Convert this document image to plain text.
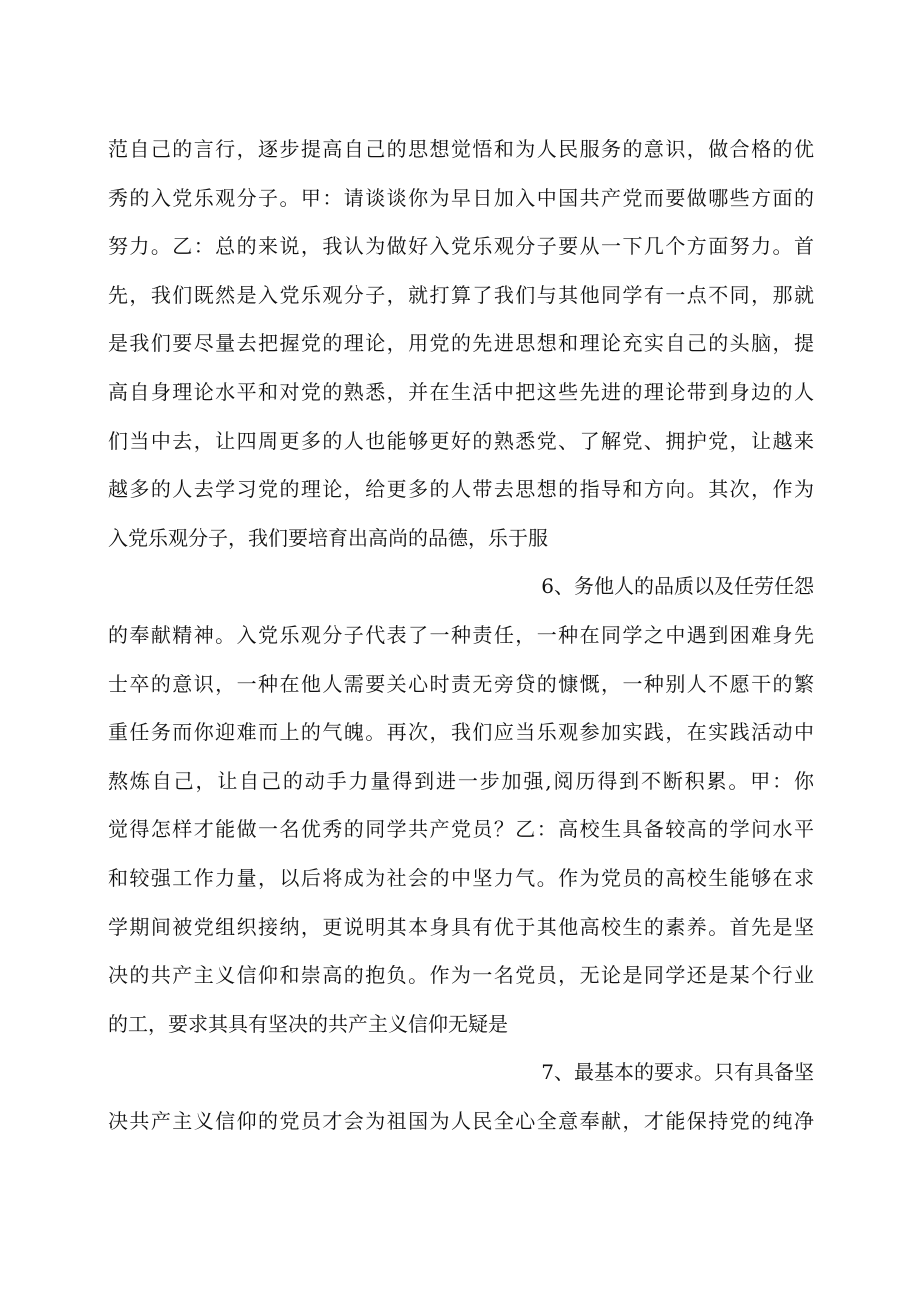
范自己的言行，逐步提高自己的思想觉悟和为人民服务的意识，做合格的优
秀的入党乐观分子。甲：请谈谈你为早日加入中国共产党而要做哪些方面的
努力。乙：总的来说，我认为做好入党乐观分子要从一下几个方面努力。首
先，我们既然是入党乐观分子，就打算了我们与其他同学有一点不同，那就
是我们要尽量去把握党的理论，用党的先进思想和理论充实自己的头脑，提
高自身理论水平和对党的熟悉，并在生活中把这些先进的理论带到身边的人
们当中去，让四周更多的人也能够更好的熟悉党、了解党、拥护党，让越来
越多的人去学习党的理论，给更多的人带去思想的指导和方向。其次，作为
入党乐观分子，我们要培育出高尚的品德，乐于服
6、务他人的品质以及任劳任怨
的奉献精神。入党乐观分子代表了一种责任，一种在同学之中遇到困难身先
士卒的意识，一种在他人需要关心时责无旁贷的慷慨，一种别人不愿干的繁
重任务而你迎难而上的气魄。再次，我们应当乐观参加实践，在实践活动中
熬炼自己，让自己的动手力量得到进一步加强,阅历得到不断积累。甲：你
觉得怎样才能做一名优秀的同学共产党员？乙：高校生具备较高的学问水平
和较强工作力量，以后将成为社会的中坚力气。作为党员的高校生能够在求
学期间被党组织接纳，更说明其本身具有优于其他高校生的素养。首先是坚
决的共产主义信仰和崇高的抱负。作为一名党员，无论是同学还是某个行业
的工，要求其具有坚决的共产主义信仰无疑是
7、最基本的要求。只有具备坚
决共产主义信仰的党员才会为祖国为人民全心全意奉献，才能保持党的纯净
